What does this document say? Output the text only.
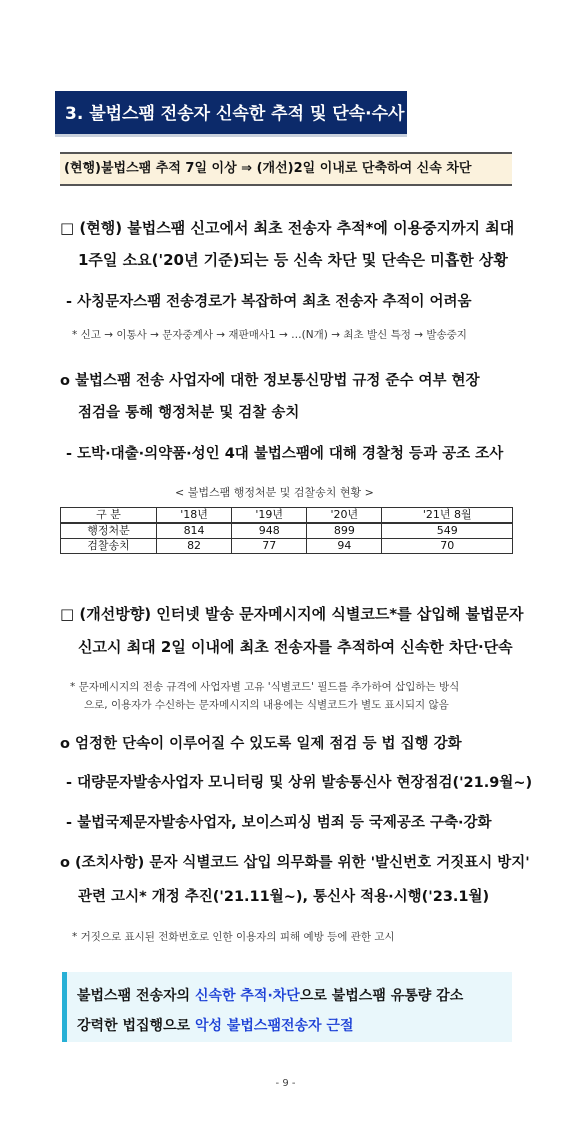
3. 불법스팸 전송자 신속한 추적 및 단속·수사 강화
(현행)불법스팸 추적 7일 이상 ⇒ (개선)2일 이내로 단축하여 신속 차단
□ (현행) 불법스팸 신고에서 최초 전송자 추적*에 이용중지까지 최대
1주일 소요('20년 기준)되는 등 신속 차단 및 단속은 미흡한 상황
- 사칭문자스팸 전송경로가 복잡하여 최초 전송자 추적이 어려움
* 신고 → 이통사 → 문자중계사 → 재판매사1 → …(N개) → 최초 발신 특정 → 발송중지
o 불법스팸 전송 사업자에 대한 정보통신망법 규정 준수 여부 현장
점검을 통해 행정처분 및 검찰 송치
- 도박·대출·의약품·성인 4대 불법스팸에 대해 경찰청 등과 공조 조사
< 불법스팸 행정처분 및 검찰송치 현황 >
구 분	'18년	'19년	'20년	'21년 8월
행정처분	814	948	899	549
검찰송치	82	77	94	70
□ (개선방향) 인터넷 발송 문자메시지에 식별코드*를 삽입해 불법문자
신고시 최대 2일 이내에 최초 전송자를 추적하여 신속한 차단·단속
* 문자메시지의 전송 규격에 사업자별 고유 '식별코드' 필드를 추가하여 삽입하는 방식
으로, 이용자가 수신하는 문자메시지의 내용에는 식별코드가 별도 표시되지 않음
o 엄정한 단속이 이루어질 수 있도록 일제 점검 등 법 집행 강화
- 대량문자발송사업자 모니터링 및 상위 발송통신사 현장점검('21.9월~)
- 불법국제문자발송사업자, 보이스피싱 범죄 등 국제공조 구축·강화
o (조치사항) 문자 식별코드 삽입 의무화를 위한 '발신번호 거짓표시 방지'
관련 고시* 개정 추진('21.11월~), 통신사 적용·시행('23.1월)
* 거짓으로 표시된 전화번호로 인한 이용자의 피해 예방 등에 관한 고시
불법스팸 전송자의 신속한 추적·차단으로 불법스팸 유통량 감소
강력한 법집행으로 악성 불법스팸전송자 근절
- 9 -
